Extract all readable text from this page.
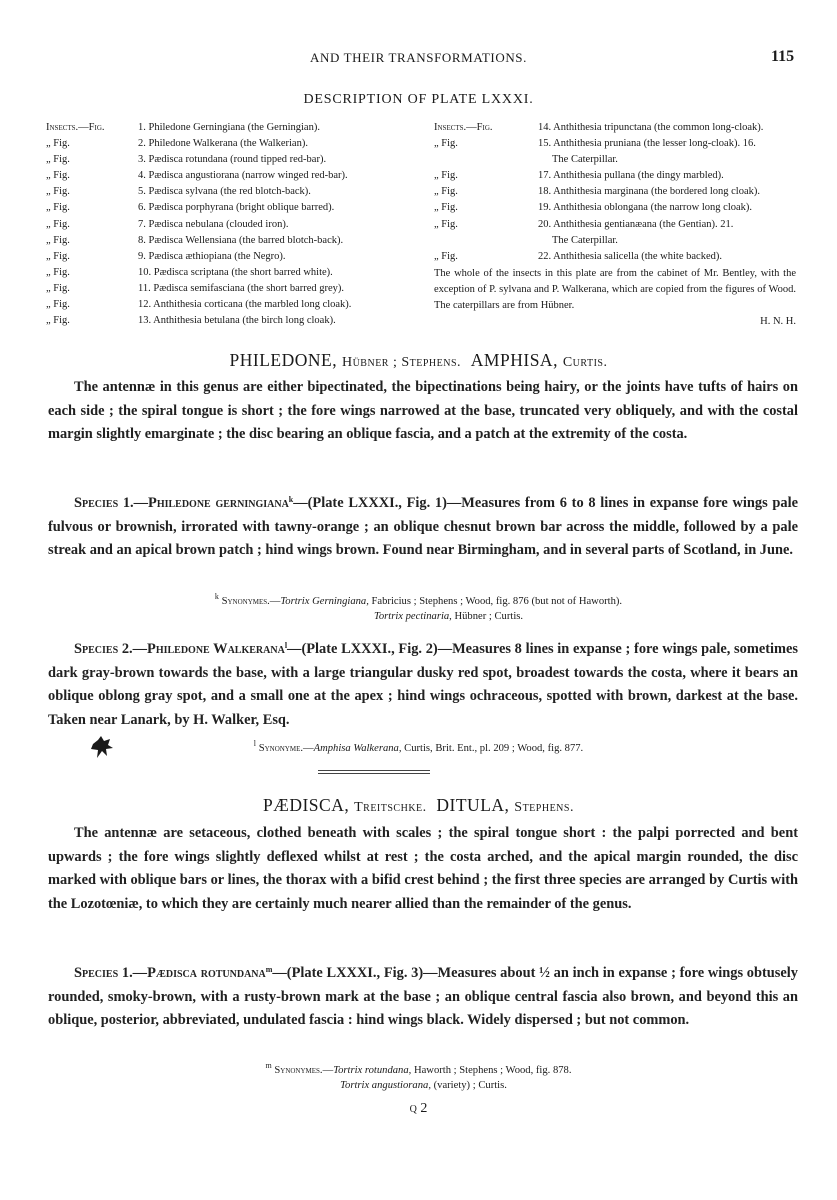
AND THEIR TRANSFORMATIONS.	115
DESCRIPTION OF PLATE LXXXI.
Insects.—Fig.	1. Philedone Gerningiana (the Gerningian).
„ Fig.	2. Philedone Walkerana (the Walkerian).
„ Fig.	3. Pædisca rotundana (round tipped red-bar).
„ Fig.	4. Pædisca angustiorana (narrow winged red-bar).
„ Fig.	5. Pædisca sylvana (the red blotch-back).
„ Fig.	6. Pædisca porphyrana (bright oblique barred).
„ Fig.	7. Pædisca nebulana (clouded iron).
„ Fig.	8. Pædisca Wellensiana (the barred blotch-back).
„ Fig.	9. Pædisca æthiopiana (the Negro).
„ Fig.	10. Pædisca scriptana (the short barred white).
„ Fig.	11. Pædisca semifasciana (the short barred grey).
„ Fig.	12. Anthithesia corticana (the marbled long cloak).
„ Fig.	13. Anthithesia betulana (the birch long cloak).
Insects.—Fig.	14. Anthithesia tripunctana (the common long-cloak).
„ Fig.	15. Anthithesia pruniana (the lesser long-cloak). 16.
The Caterpillar.
„ Fig.	17. Anthithesia pullana (the dingy marbled).
„ Fig.	18. Anthithesia marginana (the bordered long cloak).
„ Fig.	19. Anthithesia oblongana (the narrow long cloak).
„ Fig.	20. Anthithesia gentianæana (the Gentian). 21.
The Caterpillar.
„ Fig.	22. Anthithesia salicella (the white backed).
The whole of the insects in this plate are from the cabinet of Mr. Bentley, with the exception of P. sylvana and P. Walkerana, which are copied from the figures of Wood. The caterpillars are from Hübner.
H. N. H.
PHILEDONE, Hübner ; Stephens. AMPHISA, Curtis.
The antennæ in this genus are either bipectinated, the bipectinations being hairy, or the joints have tufts of hairs on each side ; the spiral tongue is short ; the fore wings narrowed at the base, truncated very obliquely, and with the costal margin slightly emarginate ; the disc bearing an oblique fascia, and a patch at the extremity of the costa.
Species 1.—Philedone gerningiana$^k$—(Plate LXXXI., Fig. 1)—Measures from 6 to 8 lines in expanse fore wings pale fulvous or brownish, irrorated with tawny-orange ; an oblique chesnut brown bar across the middle, followed by a pale streak and an apical brown patch ; hind wings brown. Found near Birmingham, and in several parts of Scotland, in June.
$^k$ Synonymes.—Tortrix Gerningiana, Fabricius ; Stephens ; Wood, fig. 876 (but not of Haworth).
Tortrix pectinaria, Hübner ; Curtis.
Species 2.—Philedone Walkerana$^l$—(Plate LXXXI., Fig. 2)—Measures 8 lines in expanse ; fore wings pale, sometimes dark gray-brown towards the base, with a large triangular dusky red spot, broadest towards the costa, where it bears an oblique oblong gray spot, and a small one at the apex ; hind wings ochraceous, spotted with brown, darkest at the base. Taken near Lanark, by H. Walker, Esq.
$^l$ Synonyme.—Amphisa Walkerana, Curtis, Brit. Ent., pl. 209 ; Wood, fig. 877.
PÆDISCA, Treitschke. DITULA, Stephens.
The antennæ are setaceous, clothed beneath with scales ; the spiral tongue short : the palpi porrected and bent upwards ; the fore wings slightly deflexed whilst at rest ; the costa arched, and the apical margin rounded, the disc marked with oblique bars or lines, the thorax with a bifid crest behind ; the first three species are arranged by Curtis with the Lozotœniæ, to which they are certainly much nearer allied than the remainder of the genus.
Species 1.—Pædisca rotundana$^m$—(Plate LXXXI., Fig. 3)—Measures about ½ an inch in expanse ; fore wings obtusely rounded, smoky-brown, with a rusty-brown mark at the base ; an oblique central fascia also brown, and beyond this an oblique, posterior, abbreviated, undulated fascia : hind wings black. Widely dispersed ; but not common.
$^m$ Synonymes.—Tortrix rotundana, Haworth ; Stephens ; Wood, fig. 878.
Tortrix angustiorana, (variety) ; Curtis.
Q 2
